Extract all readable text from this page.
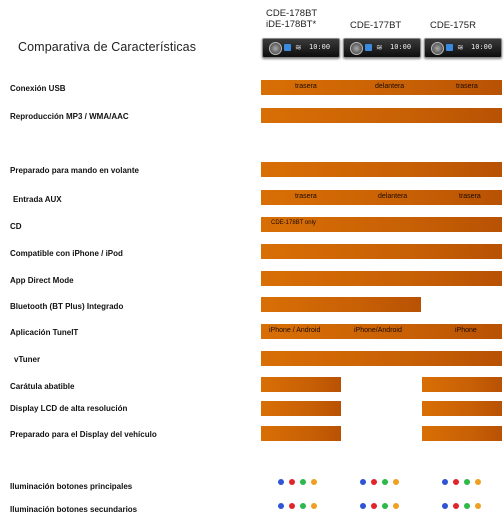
Comparativa de Características
CDE-178BT
iDE-178BT*	CDE-177BT	CDE-175R
≋ 10:00	≋ 10:00	≋ 10:00
Conexión USB	trasera	delantera	trasera
Reproducción MP3 / WMA/AAC
Preparado para mando en volante
Entrada AUX	trasera	delantera	trasera
CD	CDE-178BT only
Compatible con iPhone / iPod
App Direct Mode
Bluetooth (BT Plus) Integrado
Aplicación TuneIT	iPhone / Android	iPhone/Android	iPhone
vTuner
Carátula abatible
Display LCD de alta resolución
Preparado para el Display del vehículo
Iluminación botones principales
Iluminación botones secundarios
